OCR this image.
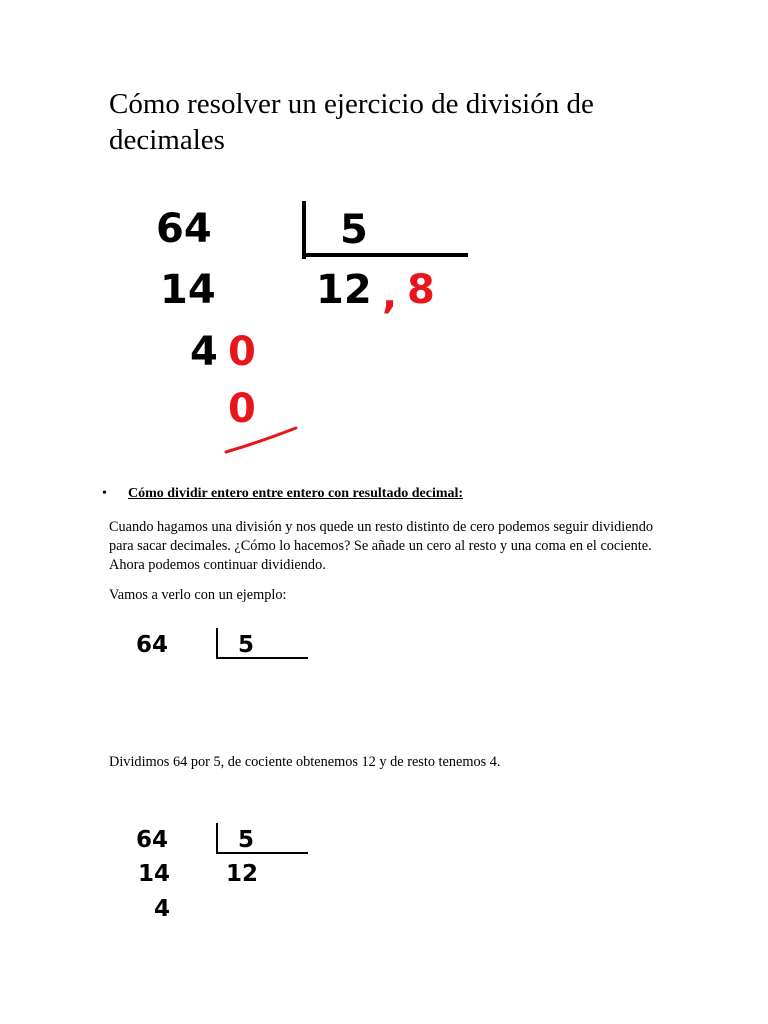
Cómo resolver un ejercicio de división de decimales
64	5
14	12 , 8
4 0
0
• Cómo dividir entero entre entero con resultado decimal:

Cuando hagamos una división y nos quede un resto distinto de cero podemos seguir dividiendo para sacar decimales. ¿Cómo lo hacemos? Se añade un cero al resto y una coma en el cociente. Ahora podemos continuar dividiendo.

Vamos a verlo con un ejemplo:

64	5

Dividimos 64 por 5, de cociente obtenemos 12 y de resto tenemos 4.

64	5
14 12
4
